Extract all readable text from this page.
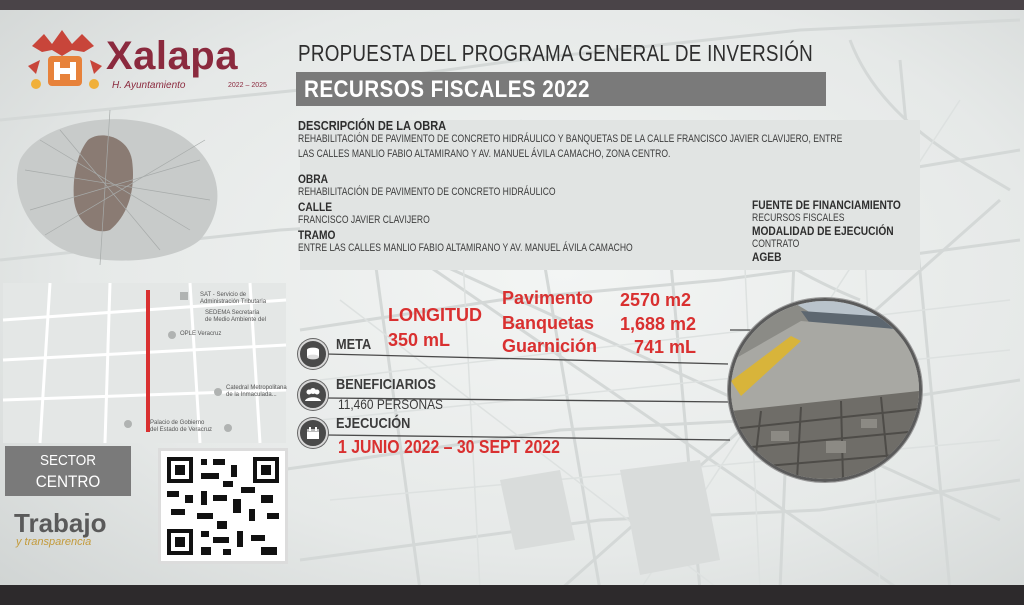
Xalapa
H. Ayuntamiento	2022 – 2025
PROPUESTA DEL PROGRAMA GENERAL DE INVERSIÓN
RECURSOS FISCALES 2022
DESCRIPCIÓN DE LA OBRA
REHABILITACIÓN DE PAVIMENTO DE CONCRETO HIDRÁULICO Y BANQUETAS DE LA CALLE FRANCISCO JAVIER CLAVIJERO, ENTRE
LAS CALLES MANLIO FABIO ALTAMIRANO Y AV. MANUEL ÁVILA CAMACHO, ZONA CENTRO.
OBRA
REHABILITACIÓN DE PAVIMENTO DE CONCRETO HIDRÁULICO
CALLE
FRANCISCO JAVIER CLAVIJERO
TRAMO
ENTRE LAS CALLES MANLIO FABIO ALTAMIRANO Y AV. MANUEL ÁVILA CAMACHO
FUENTE DE FINANCIAMIENTO
RECURSOS FISCALES
MODALIDAD DE EJECUCIÓN
CONTRATO
AGEB
LONGITUD
350 mL
Pavimento 2570 m2
Banquetas 1,688 m2
Guarnición 741 mL
META
BENEFICIARIOS
11,460 PERSONAS
EJECUCIÓN
1 JUNIO 2022 – 30 SEPT 2022
SECTOR
CENTRO
Trabajo
y transparencia
SAT - Servicio de
Administración Tributaria
SEDEMA Secretaría
de Medio Ambiente del
OPLE Veracruz
Catedral Metropolitana
de la Inmaculada...
Palacio de Gobierno
del Estado de Veracruz
